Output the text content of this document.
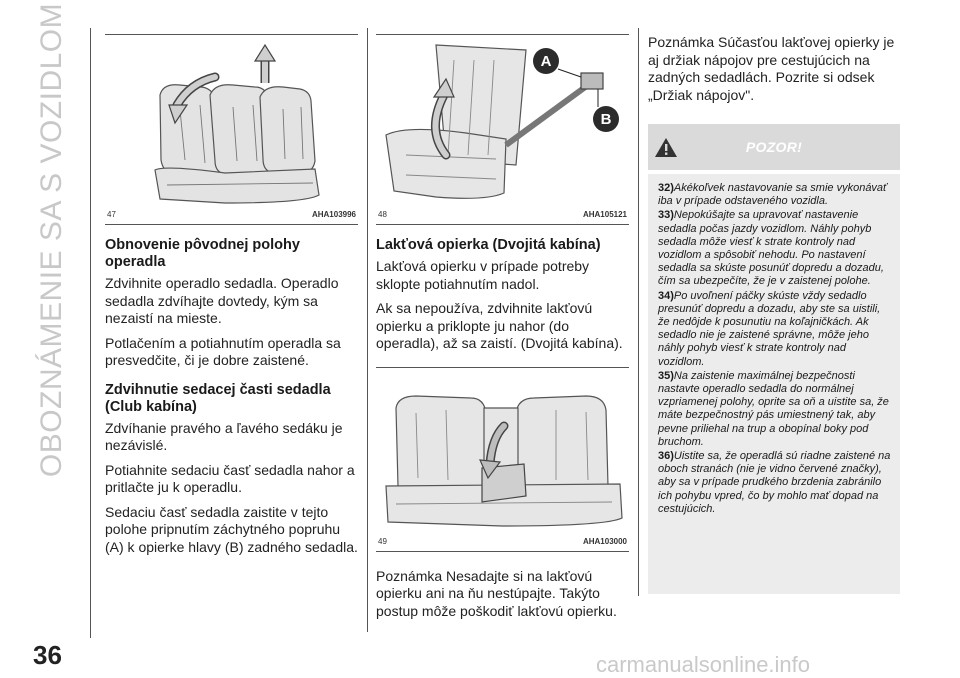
OBOZNÁMENIE SA S VOZIDLOM
36	carmanualsonline.info
47	AHA103996
Obnovenie pôvodnej polohy operadla

Zdvihnite operadlo sedadla. Operadlo sedadla zdvíhajte dovtedy, kým sa nezaistí na mieste.

Potlačením a potiahnutím operadla sa presvedčite, či je dobre zaistené.

Zdvihnutie sedacej časti sedadla (Club kabína)

Zdvíhanie pravého a ľavého sedáku je nezávislé.

Potiahnite sedaciu časť sedadla nahor a pritlačte ju k operadlu.

Sedaciu časť sedadla zaistite v tejto polohe pripnutím záchytného popruhu (A) k opierke hlavy (B) zadného sedadla.

A
B
48	AHA105121
Lakťová opierka (Dvojitá kabína)

Lakťová opierku v prípade potreby sklopte potiahnutím nadol.

Ak sa nepoužíva, zdvihnite lakťovú opierku a priklopte ju nahor (do operadla), až sa zaistí. (Dvojitá kabína).

49	AHA103000

Poznámka Nesadajte si na lakťovú opierku ani na ňu nestúpajte. Takýto postup môže poškodiť lakťovú opierku.

Poznámka Súčasťou lakťovej opierky je aj držiak nápojov pre cestujúcich na zadných sedadlách. Pozrite si odsek „Držiak nápojov".

POZOR!

32)Akékoľvek nastavovanie sa smie vykonávať iba v prípade odstaveného vozidla.

33)Nepokúšajte sa upravovať nastavenie sedadla počas jazdy vozidlom. Náhly pohyb sedadla môže viesť k strate kontroly nad vozidlom a spôsobiť nehodu. Po nastavení sedadla sa skúste posunúť dopredu a dozadu, čím sa ubezpečíte, že je v zaistenej polohe.

34)Po uvoľnení páčky skúste vždy sedadlo presunúť dopredu a dozadu, aby ste sa uistili, že nedôjde k posunutiu na koľajničkách. Ak sedadlo nie je zaistené správne, môže jeho náhly pohyb viesť k strate kontroly nad vozidlom.

35)Na zaistenie maximálnej bezpečnosti nastavte operadlo sedadla do normálnej vzpriamenej polohy, oprite sa oň a uistite sa, že máte bezpečnostný pás umiestnený tak, aby pevne priliehal na trup a obopínal boky pod bruchom.

36)Uistite sa, že operadlá sú riadne zaistené na oboch stranách (nie je vidno červené značky), aby sa v prípade prudkého brzdenia zabránilo ich pohybu vpred, čo by mohlo mať dopad na cestujúcich.
